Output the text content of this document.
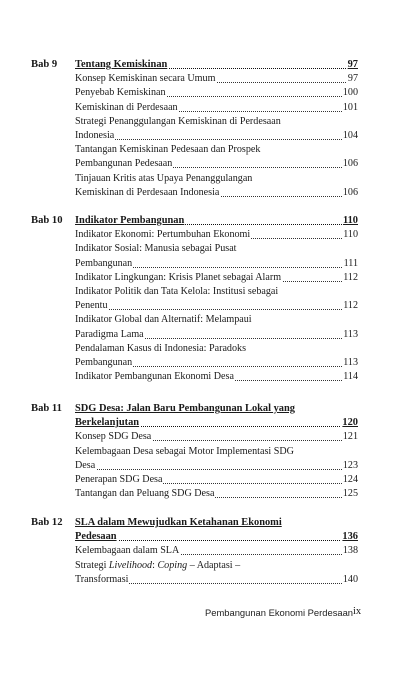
Bab 9 Tentang Kemiskinan	97
Konsep Kemiskinan secara Umum	97
Penyebab Kemiskinan	100
Kemiskinan di Perdesaan	101
Strategi Penanggulangan Kemiskinan di Perdesaan
Indonesia	104
Tantangan Kemiskinan Pedesaan dan Prospek
Pembangunan Pedesaan	106
Tinjauan Kritis atas Upaya Penanggulangan
Kemiskinan di Perdesaan Indonesia	106
Bab 10 Indikator Pembangunan	110
Indikator Ekonomi: Pertumbuhan Ekonomi	110
Indikator Sosial: Manusia sebagai Pusat
Pembangunan	111
Indikator Lingkungan: Krisis Planet sebagai Alarm	112
Indikator Politik dan Tata Kelola: Institusi sebagai
Penentu	112
Indikator Global dan Alternatif: Melampaui
Paradigma Lama	113
Pendalaman Kasus di Indonesia: Paradoks
Pembangunan	113
Indikator Pembangunan Ekonomi Desa	114
Bab 11 SDG Desa: Jalan Baru Pembangunan Lokal yang
Berkelanjutan	120
Konsep SDG Desa	121
Kelembagaan Desa sebagai Motor Implementasi SDG
Desa	123
Penerapan SDG Desa	124
Tantangan dan Peluang SDG Desa	125
Bab 12 SLA dalam Mewujudkan Ketahanan Ekonomi
Pedesaan	136
Kelembagaan dalam SLA	138
Strategi Livelihood: Coping – Adaptasi –
Transformasi	140
Pembangunan Ekonomi Perdesaan ix
